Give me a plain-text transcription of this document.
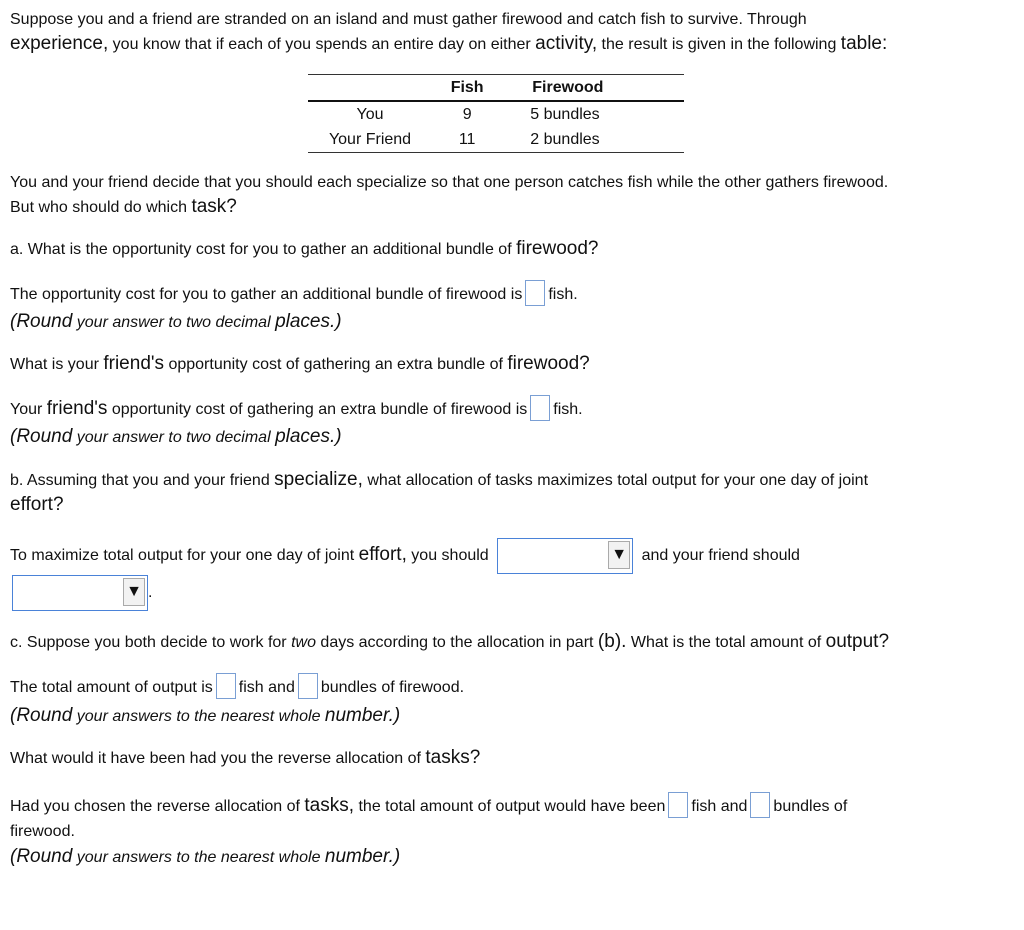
Suppose you and a friend are stranded on an island and must gather firewood and catch fish to survive. Through

experience, you know that if each of you spends an entire day on either activity, the result is given in the following table:

	Fish	Firewood
You	9	5 bundles
Your Friend	11	2 bundles

You and your friend decide that you should each specialize so that one person catches fish while the other gathers firewood.

But who should do which task?

a. What is the opportunity cost for you to gather an additional bundle of firewood?

The opportunity cost for you to gather an additional bundle of firewood is fish.

(Round your answer to two decimal places.)

What is your friend's opportunity cost of gathering an extra bundle of firewood?

Your friend's opportunity cost of gathering an extra bundle of firewood is fish.

(Round your answer to two decimal places.)

b. Assuming that you and your friend specialize, what allocation of tasks maximizes total output for your one day of joint

effort?

To maximize total output for your one day of joint effort, you should	▼ and your friend should
▼ .

c. Suppose you both decide to work for two days according to the allocation in part (b). What is the total amount of output?

The total amount of output is fish and bundles of firewood.

(Round your answers to the nearest whole number.)

What would it have been had you the reverse allocation of tasks?

Had you chosen the reverse allocation of tasks, the total amount of output would have been fish and bundles of

firewood.

(Round your answers to the nearest whole number.)
